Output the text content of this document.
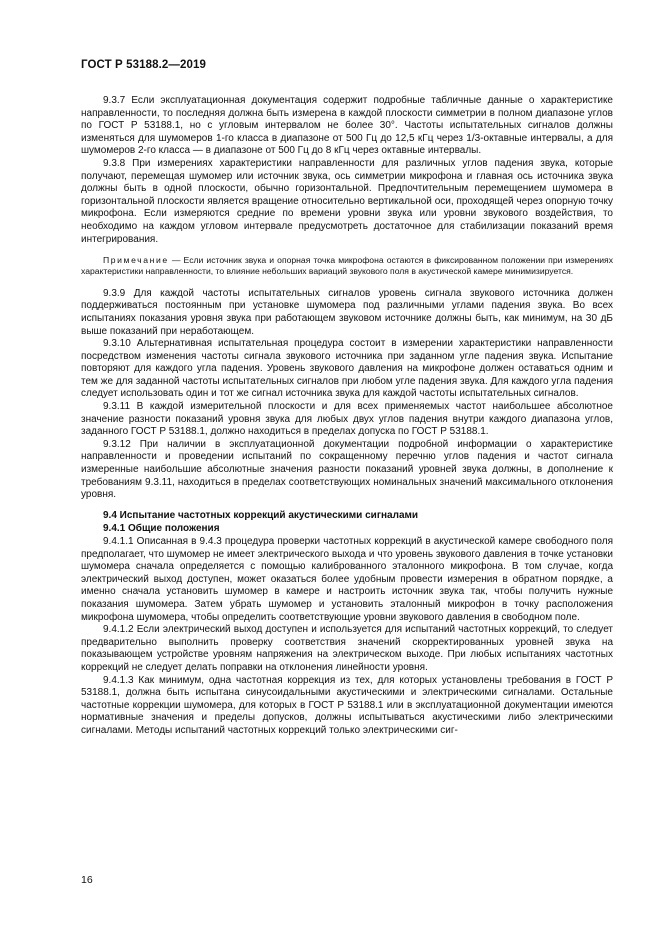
ГОСТ Р 53188.2—2019

9.3.7 Если эксплуатационная документация содержит подробные табличные данные о характеристике направленности, то последняя должна быть измерена в каждой плоскости симметрии в полном диапазоне углов по ГОСТ Р 53188.1, но с угловым интервалом не более 30°. Частоты испытательных сигналов должны изменяться для шумомеров 1-го класса в диапазоне от 500 Гц до 12,5 кГц через 1/3-октавные интервалы, а для шумомеров 2-го класса — в диапазоне от 500 Гц до 8 кГц через октавные интервалы.

9.3.8 При измерениях характеристики направленности для различных углов падения звука, которые получают, перемещая шумомер или источник звука, ось симметрии микрофона и главная ось источника звука должны быть в одной плоскости, обычно горизонтальной. Предпочтительным перемещением шумомера в горизонтальной плоскости является вращение относительно вертикальной оси, проходящей через опорную точку микрофона. Если измеряются средние по времени уровни звука или уровни звукового воздействия, то необходимо на каждом угловом интервале предусмотреть достаточное для стабилизации показаний время интегрирования.

Примечание — Если источник звука и опорная точка микрофона остаются в фиксированном положении при измерениях характеристики направленности, то влияние небольших вариаций звукового поля в акустической камере минимизируется.

9.3.9 Для каждой частоты испытательных сигналов уровень сигнала звукового источника должен поддерживаться постоянным при установке шумомера под различными углами падения звука. Во всех испытаниях показания уровня звука при работающем звуковом источнике должны быть, как минимум, на 30 дБ выше показаний при неработающем.

9.3.10 Альтернативная испытательная процедура состоит в измерении характеристики направленности посредством изменения частоты сигнала звукового источника при заданном угле падения звука. Испытание повторяют для каждого угла падения. Уровень звукового давления на микрофоне должен оставаться одним и тем же для заданной частоты испытательных сигналов при любом угле падения звука. Для каждого угла падения следует использовать один и тот же сигнал источника звука для каждой частоты испытательных сигналов.

9.3.11 В каждой измерительной плоскости и для всех применяемых частот наибольшее абсолютное значение разности показаний уровня звука для любых двух углов падения внутри каждого диапазона углов, заданного ГОСТ Р 53188.1, должно находиться в пределах допуска по ГОСТ Р 53188.1.

9.3.12 При наличии в эксплуатационной документации подробной информации о характеристике направленности и проведении испытаний по сокращенному перечню углов падения и частот сигнала измеренные наибольшие абсолютные значения разности показаний уровней звука должны, в дополнение к требованиям 9.3.11, находиться в пределах соответствующих номинальных значений максимального отклонения уровня.

9.4 Испытание частотных коррекций акустическими сигналами
9.4.1 Общие положения

9.4.1.1 Описанная в 9.4.3 процедура проверки частотных коррекций в акустической камере свободного поля предполагает, что шумомер не имеет электрического выхода и что уровень звукового давления в точке установки шумомера сначала определяется с помощью калиброванного эталонного микрофона. В том случае, когда электрический выход доступен, может оказаться более удобным провести измерения в обратном порядке, а именно сначала установить шумомер в камере и настроить источник звука так, чтобы получить нужные показания шумомера. Затем убрать шумомер и установить эталонный микрофон в точку расположения микрофона шумомера, чтобы определить соответствующие уровни звукового давления в свободном поле.

9.4.1.2 Если электрический выход доступен и используется для испытаний частотных коррекций, то следует предварительно выполнить проверку соответствия значений скорректированных уровней звука на показывающем устройстве уровням напряжения на электрическом выходе. При любых испытаниях частотных коррекций не следует делать поправки на отклонения линейности уровня.

9.4.1.3 Как минимум, одна частотная коррекция из тех, для которых установлены требования в ГОСТ Р 53188.1, должна быть испытана синусоидальными акустическими и электрическими сигналами. Остальные частотные коррекции шумомера, для которых в ГОСТ Р 53188.1 или в эксплуатационной документации имеются нормативные значения и пределы допусков, должны испытываться акустическими либо электрическими сигналами. Методы испытаний частотных коррекций только электрическими сиг-

16
